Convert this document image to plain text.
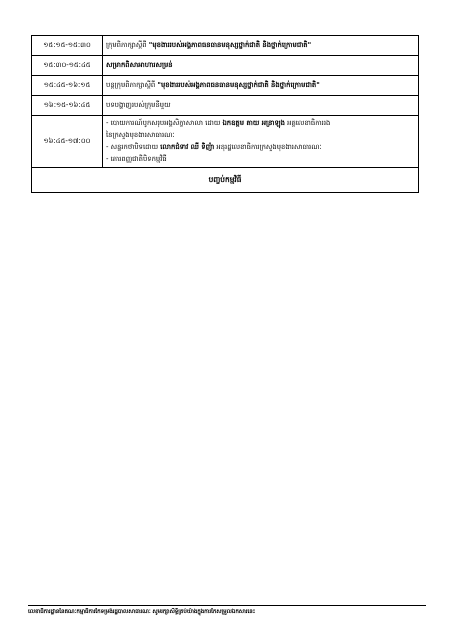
១៥:១៥-១៥:៣០	ក្រុមពិភាក្សាស្តីពី "មុខងាររបស់អង្គភាពធនធានមនុស្សថ្នាក់ជាតិ និងថ្នាក់ក្រោមជាតិ"
១៥:៣០-១៥:៤៥	សម្រាកពិសាអាហារសម្រន់
១៥:៤៥-១៦:១៥	បន្តក្រុមពិភាក្សាស្តីពី "មុខងាររបស់អង្គភាពធនធានមនុស្សថ្នាក់ជាតិ និងថ្នាក់ក្រោមជាតិ"
១៦:១៥-១៦:៤៥	បទបង្ហាញរបស់ក្រុមនីមួយ
១៦:៤៥-១៧:០០	- បោយការណ៍បូកសរុបអង្គសិក្ខាសាលា ដោយ ឯកឧត្តម តាយ អន្រាឡុង អគ្គលេខាធិការរង
នៃក្រសួងមុខងារសាធារណៈ
- សន្ទរកថាបិទដោយ លោកជំទាវ ឈី ទិញ៉ា អនុរដ្ឋលេខាធិការក្រសួងមុខងារសាធារណៈ
- គោរពញ្ញជាតិបិទកម្មវិធី

បញ្ចប់កម្មវិធី	
លេខាធិការដ្ឋាននៃគណៈកម្មាធិការកែទម្រង់រដ្ឋបាលសាធារណៈ សូមរក្សាសិទ្ធិគ្រប់យ៉ាងក្នុងការកែសម្រួលឯកសារនេះ
